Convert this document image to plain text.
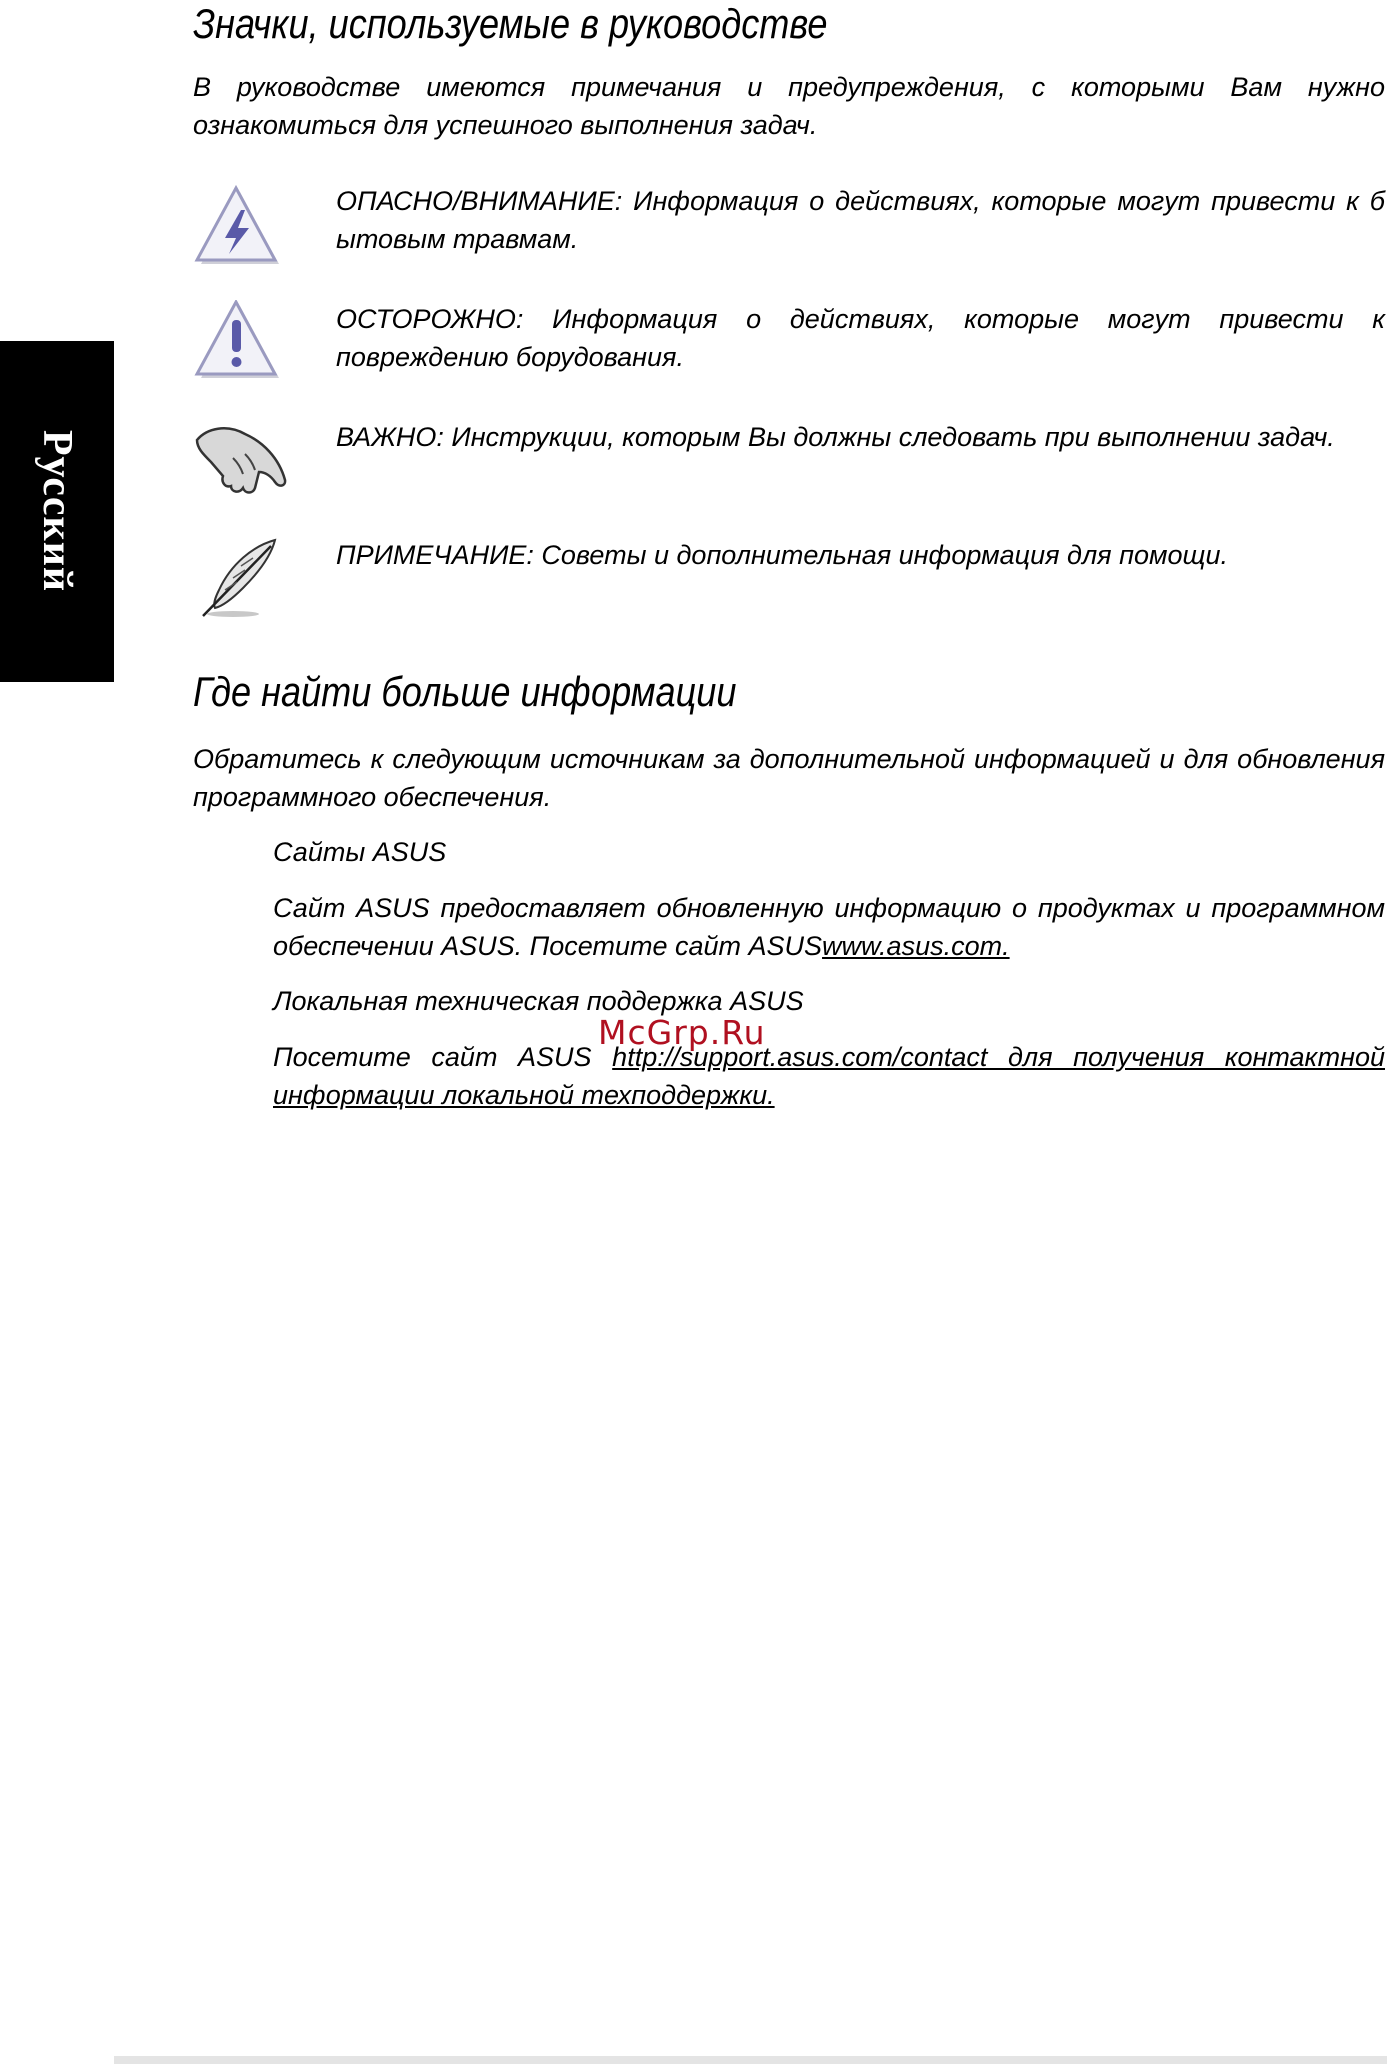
Русский
Значки, используемые в руководстве

В руководстве имеются примечания и предупреждения, с которыми Вам нужно ознакомиться для успешного выполнения задач.

ОПАСНО/ВНИМАНИЕ: Информация о действиях, которые могут привести к б ытовым травмам.
ОСТОРОЖНО: Информация о действиях, которые могут привести к повреждению борудования.
ВАЖНО: Инструкции, которым Вы должны следовать при выполнении задач.
ПРИМЕЧАНИЕ: Советы и дополнительная информация для помощи.
Где найти больше информации

Обратитесь к следующим источникам за дополнительной информацией и для обновления программного обеспечения.

Сайты ASUS

Сайт ASUS предоставляет обновленную информацию о продуктах и программном обеспечении ASUS. Посетите сайт ASUSwww.asus.com.

Локальная техническая поддержка ASUS

Посетите сайт ASUS http://support.asus.com/contact для получения контактной информации локальной техподдержки.

McGrp.Ru
